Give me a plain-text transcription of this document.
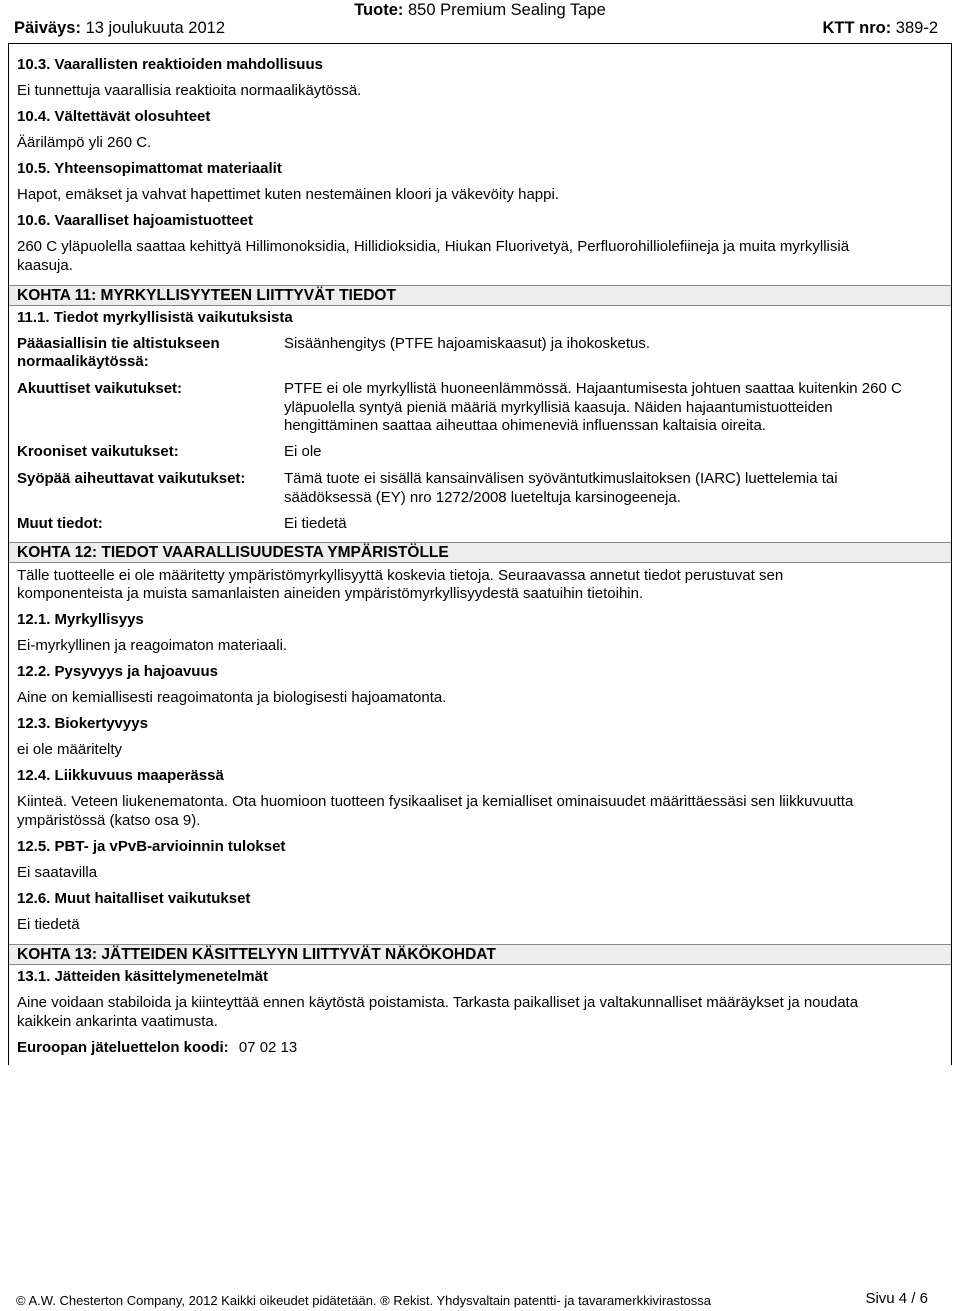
Tuote: 850 Premium Sealing Tape
Päiväys: 13 joulukuuta 2012	KTT nro: 389-2
10.3. Vaarallisten reaktioiden mahdollisuus
Ei tunnettuja vaarallisia reaktioita normaalikäytössä.
10.4. Vältettävät olosuhteet
Äärilämpö yli 260 C.
10.5. Yhteensopimattomat materiaalit
Hapot, emäkset ja vahvat hapettimet kuten nestemäinen kloori ja väkevöity happi.
10.6. Vaaralliset hajoamistuotteet
260 C yläpuolella saattaa kehittyä Hillimonoksidia, Hillidioksidia, Hiukan Fluorivetyä, Perfluorohilliolefiineja ja muita myrkyllisiä
kaasuja.
KOHTA 11: MYRKYLLISYYTEEN LIITTYVÄT TIEDOT
11.1. Tiedot myrkyllisistä vaikutuksista
Pääasiallisin tie altistukseen
normaalikäytössä:
Sisäänhengitys (PTFE hajoamiskaasut) ja ihokosketus.
Akuuttiset vaikutukset:	PTFE ei ole myrkyllistä huoneenlämmössä. Hajaantumisesta johtuen saattaa kuitenkin 260 C
yläpuolella syntyä pieniä määriä myrkyllisiä kaasuja. Näiden hajaantumistuotteiden
hengittäminen saattaa aiheuttaa ohimeneviä influenssan kaltaisia oireita.
Krooniset vaikutukset:	Ei ole
Syöpää aiheuttavat vaikutukset:	Tämä tuote ei sisällä kansainvälisen syöväntutkimuslaitoksen (IARC) luettelemia tai
säädöksessä (EY) nro 1272/2008 lueteltuja karsinogeeneja.
Muut tiedot:	Ei tiedetä
KOHTA 12: TIEDOT VAARALLISUUDESTA YMPÄRISTÖLLE
Tälle tuotteelle ei ole määritetty ympäristömyrkyllisyyttä koskevia tietoja. Seuraavassa annetut tiedot perustuvat sen
komponenteista ja muista samanlaisten aineiden ympäristömyrkyllisyydestä saatuihin tietoihin.
12.1. Myrkyllisyys
Ei-myrkyllinen ja reagoimaton materiaali.
12.2. Pysyvyys ja hajoavuus
Aine on kemiallisesti reagoimatonta ja biologisesti hajoamatonta.
12.3. Biokertyvyys
ei ole määritelty
12.4. Liikkuvuus maaperässä
Kiinteä. Veteen liukenematonta. Ota huomioon tuotteen fysikaaliset ja kemialliset ominaisuudet määrittäessäsi sen liikkuvuutta
ympäristössä (katso osa 9).
12.5. PBT- ja vPvB-arvioinnin tulokset
Ei saatavilla
12.6. Muut haitalliset vaikutukset
Ei tiedetä
KOHTA 13: JÄTTEIDEN KÄSITTELYYN LIITTYVÄT NÄKÖKOHDAT
13.1. Jätteiden käsittelymenetelmät
Aine voidaan stabiloida ja kiinteyttää ennen käytöstä poistamista. Tarkasta paikalliset ja valtakunnalliset määräykset ja noudata
kaikkein ankarinta vaatimusta.
Euroopan jäteluettelon koodi: 07 02 13
© A.W. Chesterton Company, 2012 Kaikki oikeudet pidätetään. ® Rekist. Yhdysvaltain patentti- ja tavaramerkkivirastossa	Sivu 4 / 6
